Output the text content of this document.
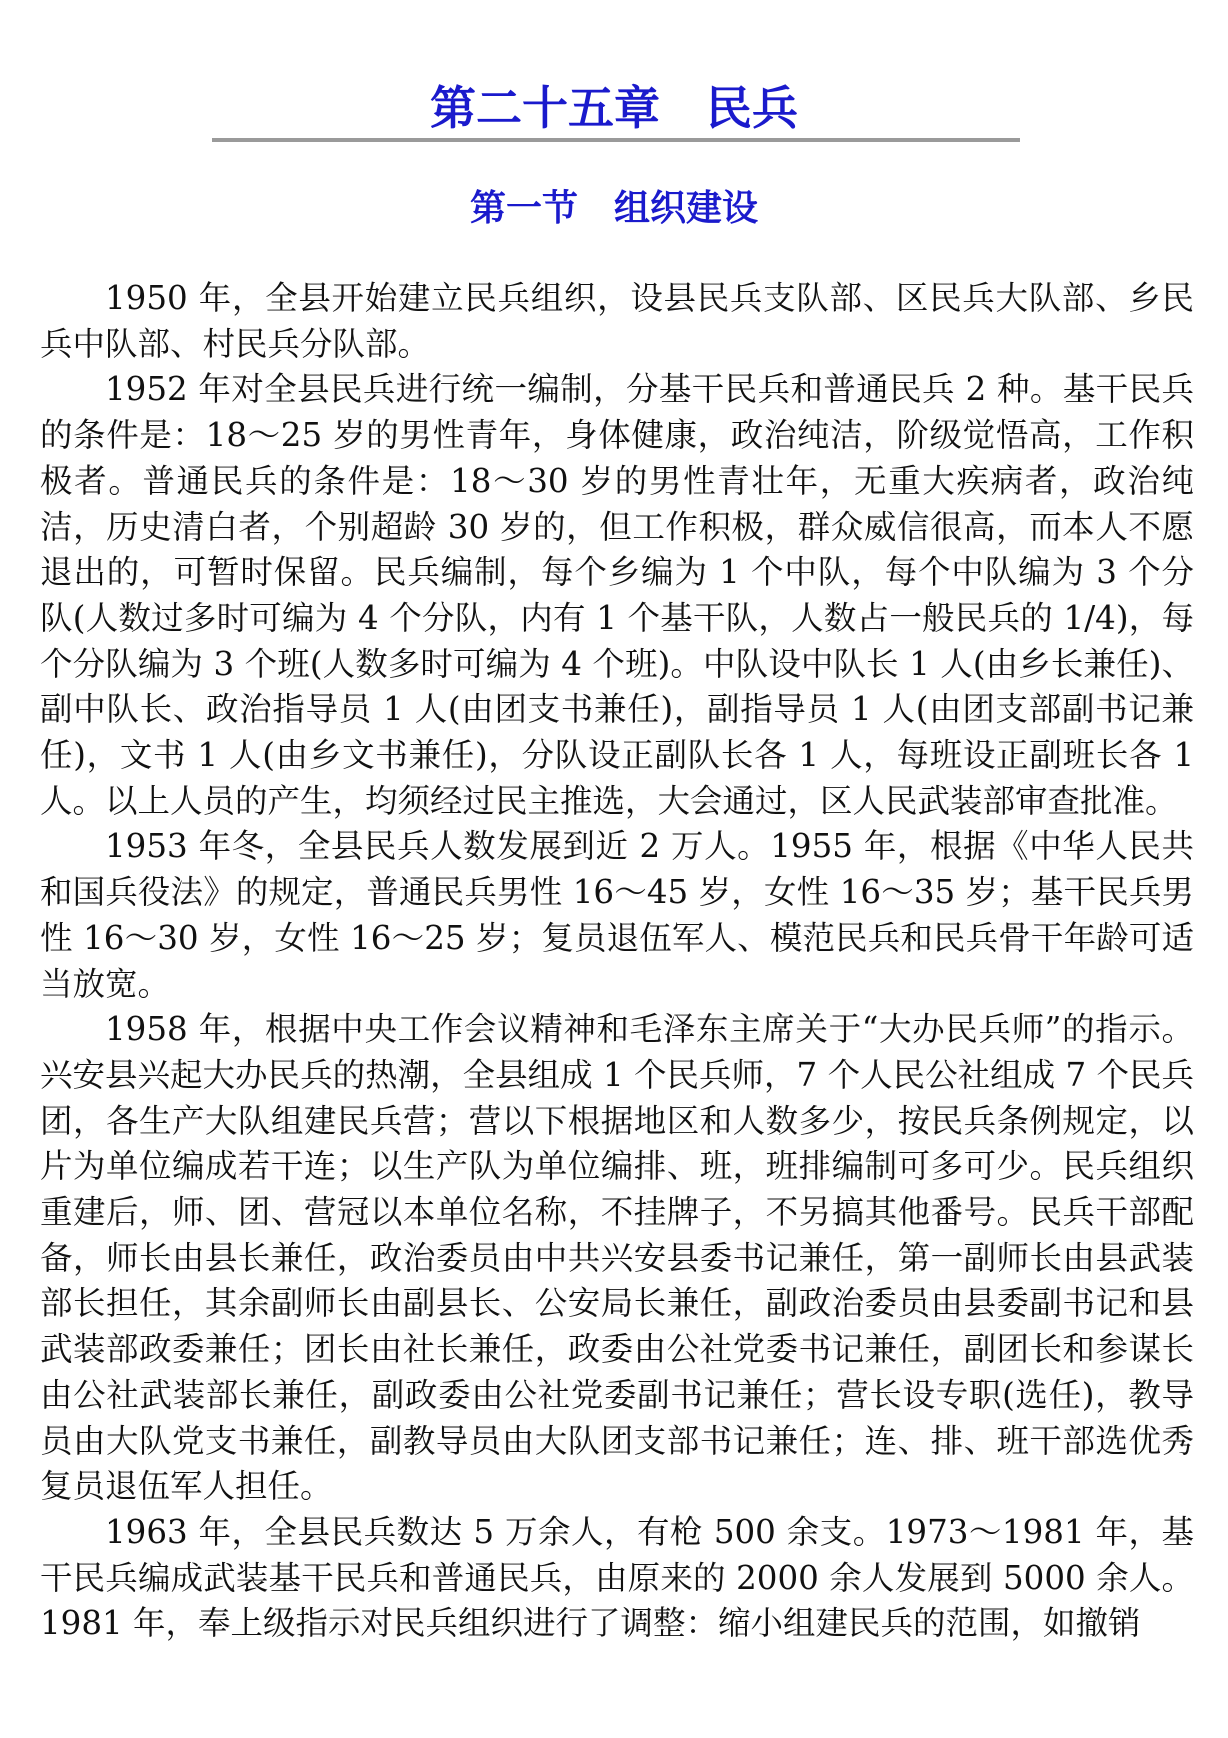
第二十五章　民兵
第一节　组织建设

1950 年，全县开始建立民兵组织，设县民兵支队部、区民兵大队部、乡民兵中队部、村民兵分队部。

1952 年对全县民兵进行统一编制，分基干民兵和普通民兵 2 种。基干民兵的条件是：18～25 岁的男性青年，身体健康，政治纯洁，阶级觉悟高，工作积极者。普通民兵的条件是：18～30 岁的男性青壮年，无重大疾病者，政治纯洁，历史清白者，个别超龄 30 岁的，但工作积极，群众威信很高，而本人不愿退出的，可暂时保留。民兵编制，每个乡编为 1 个中队，每个中队编为 3 个分队(人数过多时可编为 4 个分队，内有 1 个基干队，人数占一般民兵的 1/4)，每个分队编为 3 个班(人数多时可编为 4 个班)。中队设中队长 1 人(由乡长兼任)、副中队长、政治指导员 1 人(由团支书兼任)，副指导员 1 人(由团支部副书记兼任)，文书 1 人(由乡文书兼任)，分队设正副队长各 1 人，每班设正副班长各 1 人。以上人员的产生，均须经过民主推选，大会通过，区人民武装部审查批准。

1953 年冬，全县民兵人数发展到近 2 万人。1955 年，根据《中华人民共和国兵役法》的规定，普通民兵男性 16～45 岁，女性 16～35 岁；基干民兵男性 16～30 岁，女性 16～25 岁；复员退伍军人、模范民兵和民兵骨干年龄可适当放宽。

1958 年，根据中央工作会议精神和毛泽东主席关于“大办民兵师”的指示。兴安县兴起大办民兵的热潮，全县组成 1 个民兵师，7 个人民公社组成 7 个民兵团，各生产大队组建民兵营；营以下根据地区和人数多少，按民兵条例规定，以片为单位编成若干连；以生产队为单位编排、班，班排编制可多可少。民兵组织重建后，师、团、营冠以本单位名称，不挂牌子，不另搞其他番号。民兵干部配备，师长由县长兼任，政治委员由中共兴安县委书记兼任，第一副师长由县武装部长担任，其余副师长由副县长、公安局长兼任，副政治委员由县委副书记和县武装部政委兼任；团长由社长兼任，政委由公社党委书记兼任，副团长和参谋长由公社武装部长兼任，副政委由公社党委副书记兼任；营长设专职(选任)，教导员由大队党支书兼任，副教导员由大队团支部书记兼任；连、排、班干部选优秀复员退伍军人担任。

1963 年，全县民兵数达 5 万余人，有枪 500 余支。1973～1981 年，基干民兵编成武装基干民兵和普通民兵，由原来的 2000 余人发展到 5000 余人。1981 年，奉上级指示对民兵组织进行了调整：缩小组建民兵的范围，如撤销
